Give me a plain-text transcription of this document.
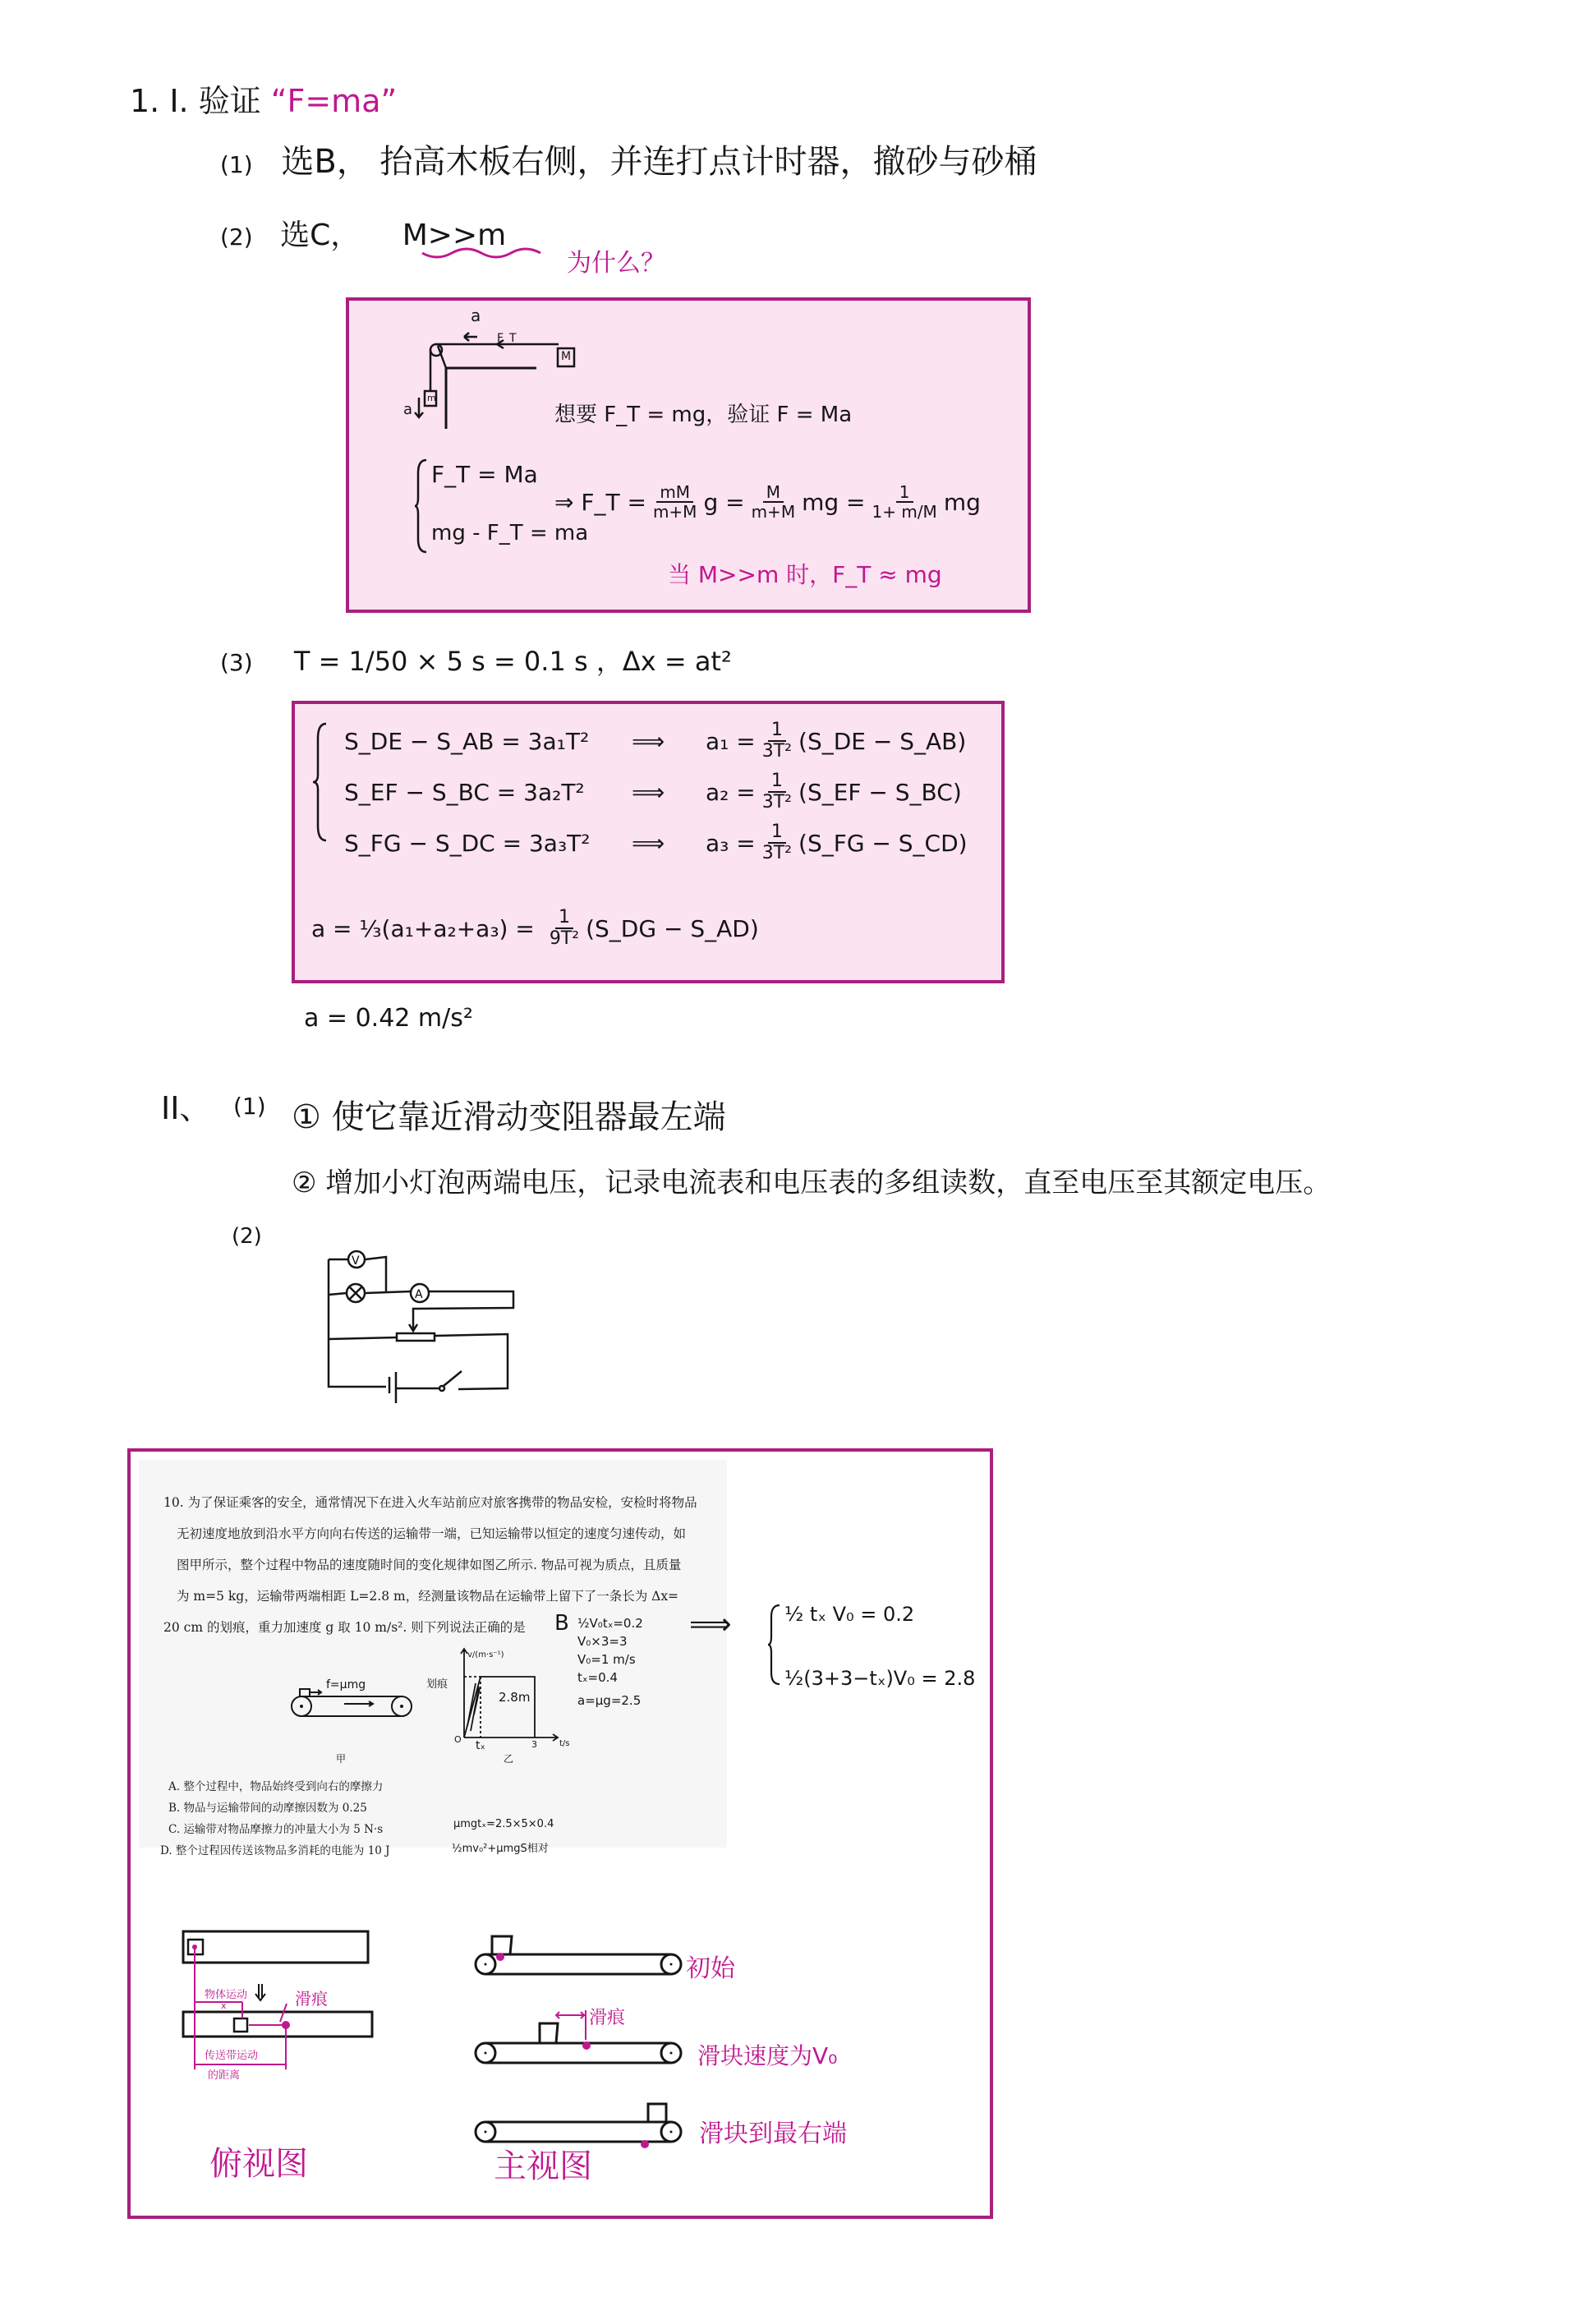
1. I. 验证 “F=ma”
(1) 选B， 抬高木板右侧，并连打点计时器，撤砂与砂桶
(2) 选C， M>>m
为什么？
a
F_T
M
m
a	想要 F_T = mg，验证 F = Ma
F_T = Ma
mg - F_T = ma
⇒ F_T = $\frac{mM}{m+M}$ $g = \frac{M}{m+M}$ mg = $\frac{1}{1+ m/M}$ mg
当 M>>m 时，F_T ≈ mg
(3) T = 1/50 × 5 s = 0.1 s ，Δx = at²
S_DE − S_AB = 3a₁T²	⟹	$a_1 = \frac{1}{\text{3T²}}$ (S_DE − S_AB)
S_EF − S_BC = 3a₂T²	⟹	$a_2 = \frac{1}{\text{3T²}}$ (S_EF − S_BC)
S_FG − S_DC = 3a₃T²	⟹	$a_3 = \frac{1}{\text{3T²}}$ (S_FG − S_CD)
a = ⅓(a₁+a₂+a₃) = $\frac{1}{\text{9T²}}$ (S_DG − S_AD)
a = 0.42 m/s²
II、 (1) ① 使它靠近滑动变阻器最左端
② 增加小灯泡两端电压，记录电流表和电压表的多组读数，直至电压至其额定电压。
(2)
V
A
10. 为了保证乘客的安全，通常情况下在进入火车站前应对旅客携带的物品安检，安检时将物品
无初速度地放到沿水平方向向右传送的运输带一端，已知运输带以恒定的速度匀速传动，如
图甲所示，整个过程中物品的速度随时间的变化规律如图乙所示. 物品可视为质点，且质量
为 m=5 kg，运输带两端相距 L=2.8 m，经测量该物品在运输带上留下了一条长为 Δx=
20 cm 的划痕，重力加速度 g 取 10 m/s². 则下列说法正确的是 B ½V₀tₓ=0.2
V₀×3=3
V₀=1 m/s
tₓ=0.4
a=μg=2.5
f=μmg
甲
2.8m
v/(m·s⁻¹)
划痕
tₓ	3	t/s
O
乙
A. 整个过程中，物品始终受到向右的摩擦力
B. 物品与运输带间的动摩擦因数为 0.25
C. 运输带对物品摩擦力的冲量大小为 5 N·s	μmgtₓ=2.5×5×0.4
D. 整个过程因传送该物品多消耗的电能为 10 J	½mv₀²+μmgS相对
⟹	½ tₓ V₀ = 0.2
½(3+3−tₓ)V₀ = 2.8
物体运动
x	滑痕
传送带运动
的距离
俯视图
初始
滑痕
滑块速度为V₀
滑块到最右端
主视图
